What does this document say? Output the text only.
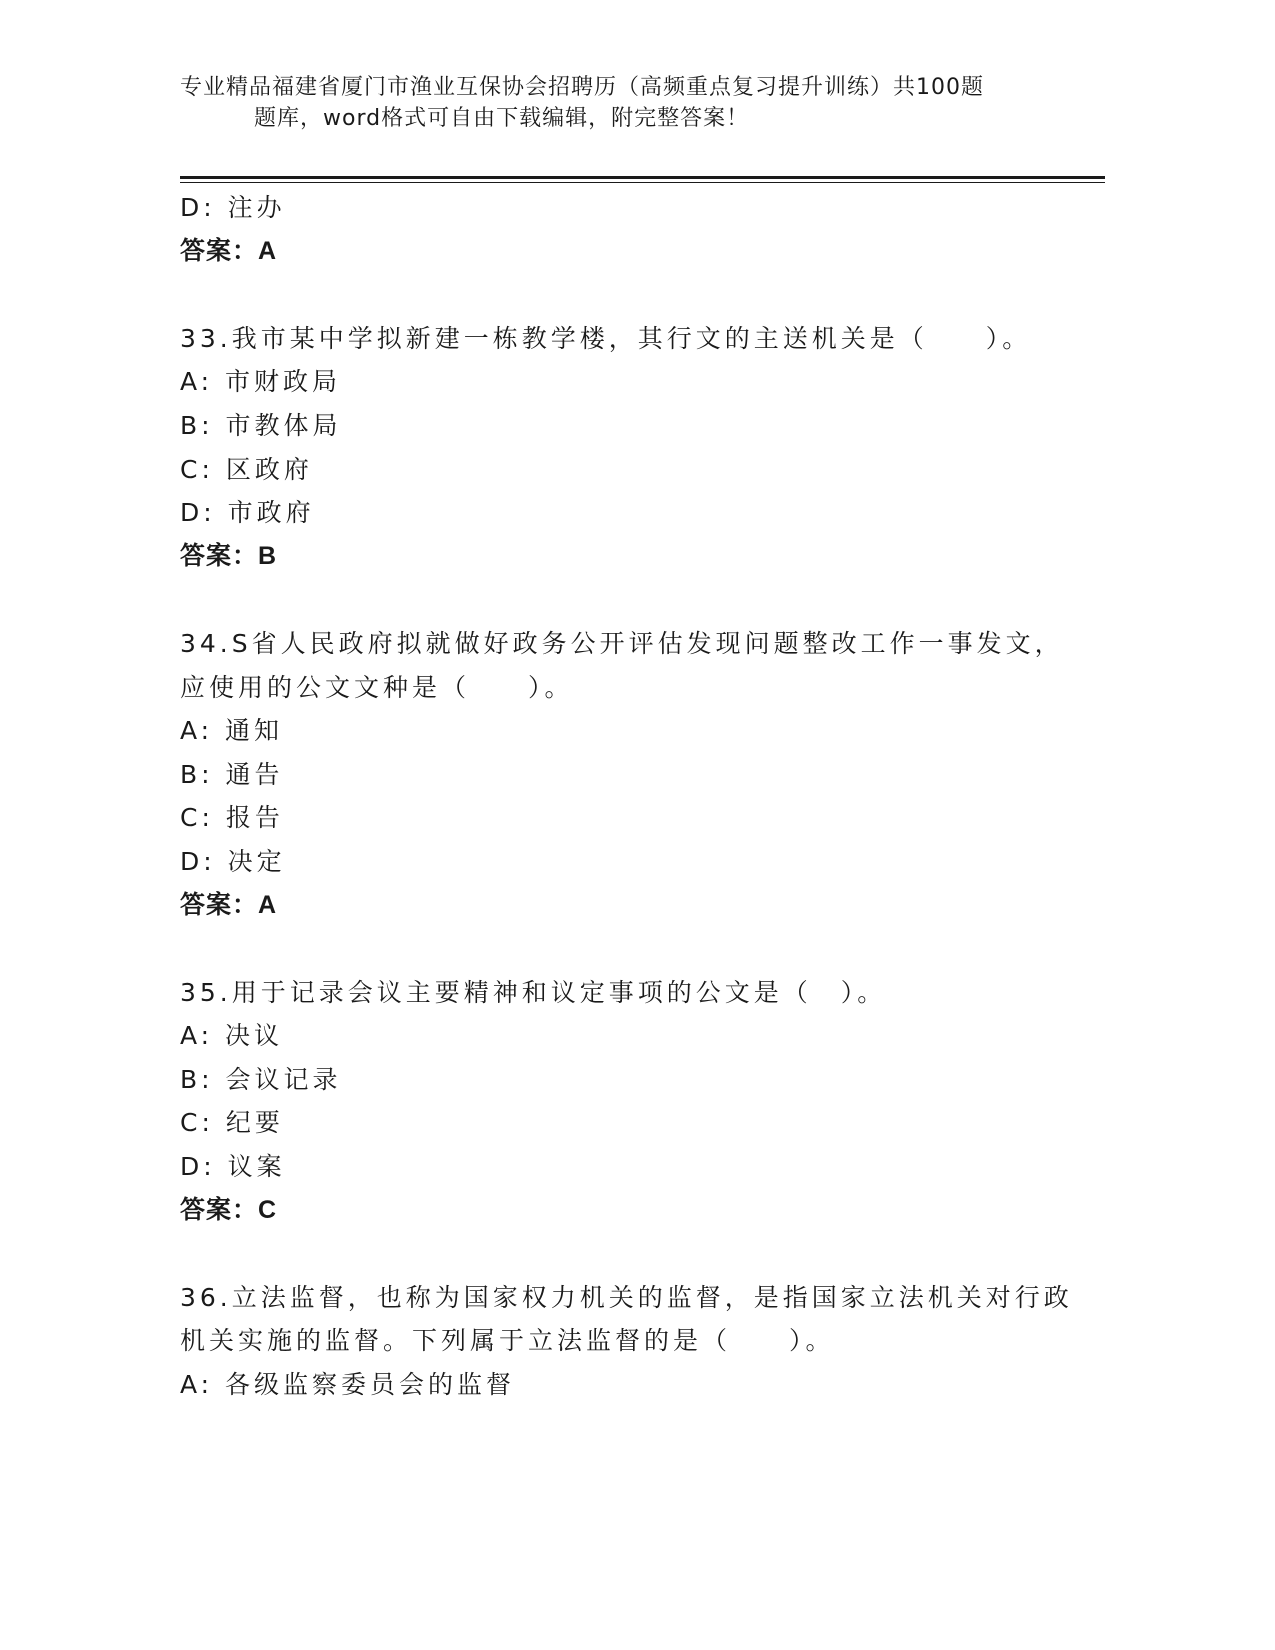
专业精品福建省厦门市渔业互保协会招聘历（高频重点复习提升训练）共100题
题库，word格式可自由下载编辑，附完整答案！
D: 注办
答案：A
33.我市某中学拟新建一栋教学楼，其行文的主送机关是（　　）。
A: 市财政局
B: 市教体局
C: 区政府
D: 市政府
答案：B
34.S省人民政府拟就做好政务公开评估发现问题整改工作一事发文，
应使用的公文文种是（　　）。
A: 通知
B: 通告
C: 报告
D: 决定
答案：A
35.用于记录会议主要精神和议定事项的公文是（　）。
A: 决议
B: 会议记录
C: 纪要
D: 议案
答案：C
36.立法监督，也称为国家权力机关的监督，是指国家立法机关对行政
机关实施的监督。下列属于立法监督的是（　　）。
A: 各级监察委员会的监督
